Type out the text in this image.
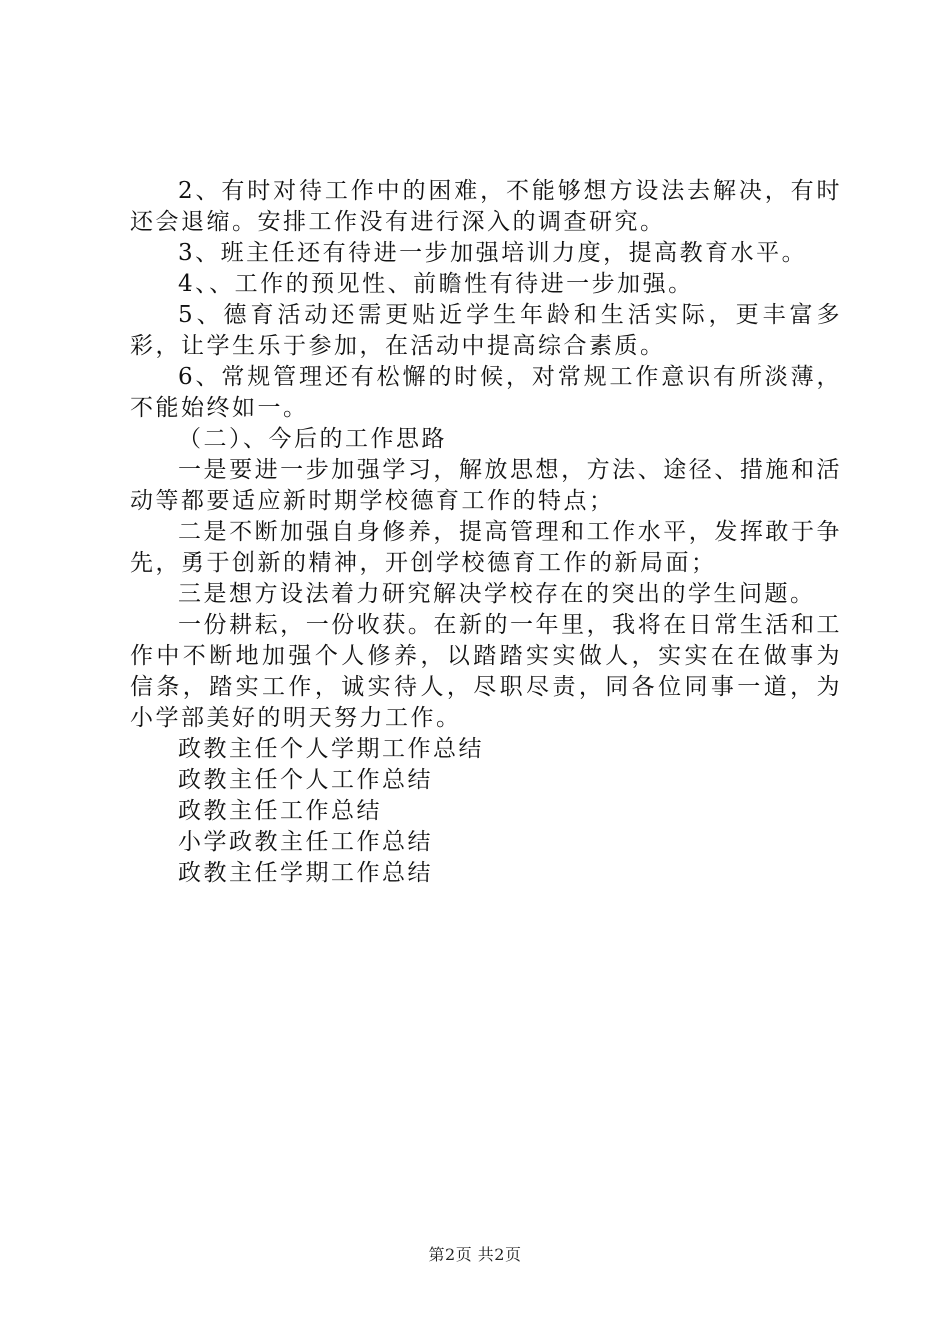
2、有时对待工作中的困难，不能够想方设法去解决，有时还会退缩。安排工作没有进行深入的调查研究。

3、班主任还有待进一步加强培训力度，提高教育水平。

4、、工作的预见性、前瞻性有待进一步加强。

5、德育活动还需更贴近学生年龄和生活实际，更丰富多彩，让学生乐于参加，在活动中提高综合素质。

6、常规管理还有松懈的时候，对常规工作意识有所淡薄，不能始终如一。

（二）、今后的工作思路

一是要进一步加强学习，解放思想，方法、途径、措施和活动等都要适应新时期学校德育工作的特点；

二是不断加强自身修养，提高管理和工作水平，发挥敢于争先，勇于创新的精神，开创学校德育工作的新局面；

三是想方设法着力研究解决学校存在的突出的学生问题。

一份耕耘，一份收获。在新的一年里，我将在日常生活和工作中不断地加强个人修养，以踏踏实实做人，实实在在做事为信条，踏实工作，诚实待人，尽职尽责，同各位同事一道，为小学部美好的明天努力工作。

政教主任个人学期工作总结

政教主任个人工作总结

政教主任工作总结

小学政教主任工作总结

政教主任学期工作总结

第2页 共2页
